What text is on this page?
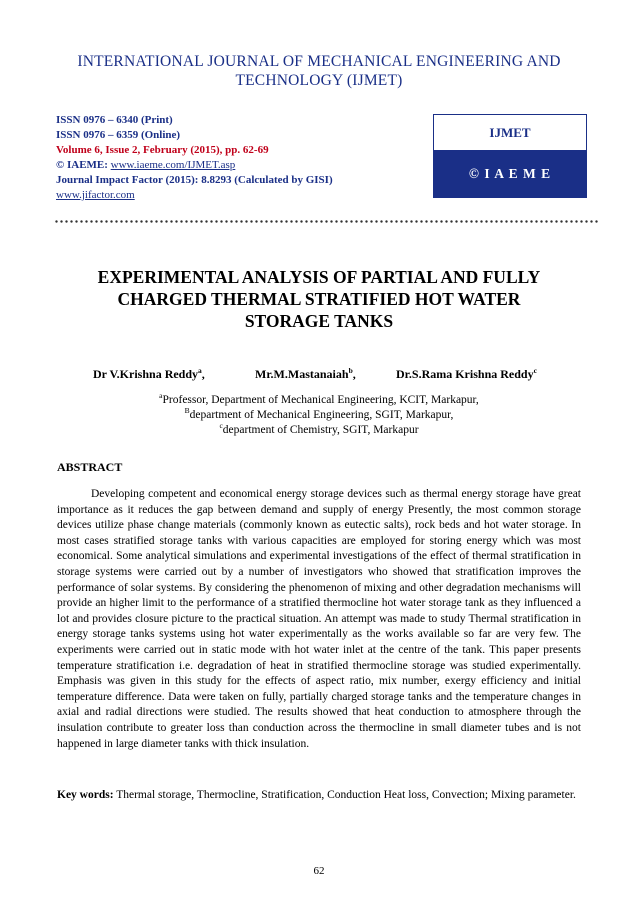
INTERNATIONAL JOURNAL OF MECHANICAL ENGINEERING AND
TECHNOLOGY (IJMET)
ISSN 0976 – 6340 (Print)
ISSN 0976 – 6359 (Online)
Volume 6, Issue 2, February (2015), pp. 62-69
© IAEME: www.iaeme.com/IJMET.asp
Journal Impact Factor (2015): 8.8293 (Calculated by GISI)
www.jifactor.com
IJMET
© I A E M E
EXPERIMENTAL ANALYSIS OF PARTIAL AND FULLY
CHARGED THERMAL STRATIFIED HOT WATER
STORAGE TANKS
Dr V.Krishna Reddy$^a$,	Mr.M.Mastanaiah$^b$,	Dr.S.Rama Krishna Reddy$^c$
$^a$Professor, Department of Mechanical Engineering, KCIT, Markapur,
$^B$department of Mechanical Engineering, SGIT, Markapur,
$^c$department of Chemistry, SGIT, Markapur
ABSTRACT

Developing competent and economical energy storage devices such as thermal energy storage have great importance as it reduces the gap between demand and supply of energy Presently, the most common storage devices utilize phase change materials (commonly known as eutectic salts), rock beds and hot water storage. In most cases stratified storage tanks with various capacities are employed for storing energy which was most economical. Some analytical simulations and experimental investigations of the effect of thermal stratification in storage systems were carried out by a number of investigators who showed that stratification improves the performance of solar systems. By considering the phenomenon of mixing and other degradation mechanisms will provide an higher limit to the performance of a stratified thermocline hot water storage tank as they influenced a lot and provides closure picture to the practical situation. An attempt was made to study Thermal stratification in energy storage tanks systems using hot water experimentally as the works available so far are very few. The experiments were carried out in static mode with hot water inlet at the centre of the tank. This paper presents temperature stratification i.e. degradation of heat in stratified thermocline storage was studied experimentally. Emphasis was given in this study for the effects of aspect ratio, mix number, exergy efficiency and initial temperature difference. Data were taken on fully, partially charged storage tanks and the temperature changes in axial and radial directions were studied. The results showed that heat conduction to atmosphere through the insulation contribute to greater loss than conduction across the thermocline in small diameter tubes and is not happened in large diameter tanks with thick insulation.

Key words: Thermal storage, Thermocline, Stratification, Conduction Heat loss, Convection; Mixing parameter.

62
